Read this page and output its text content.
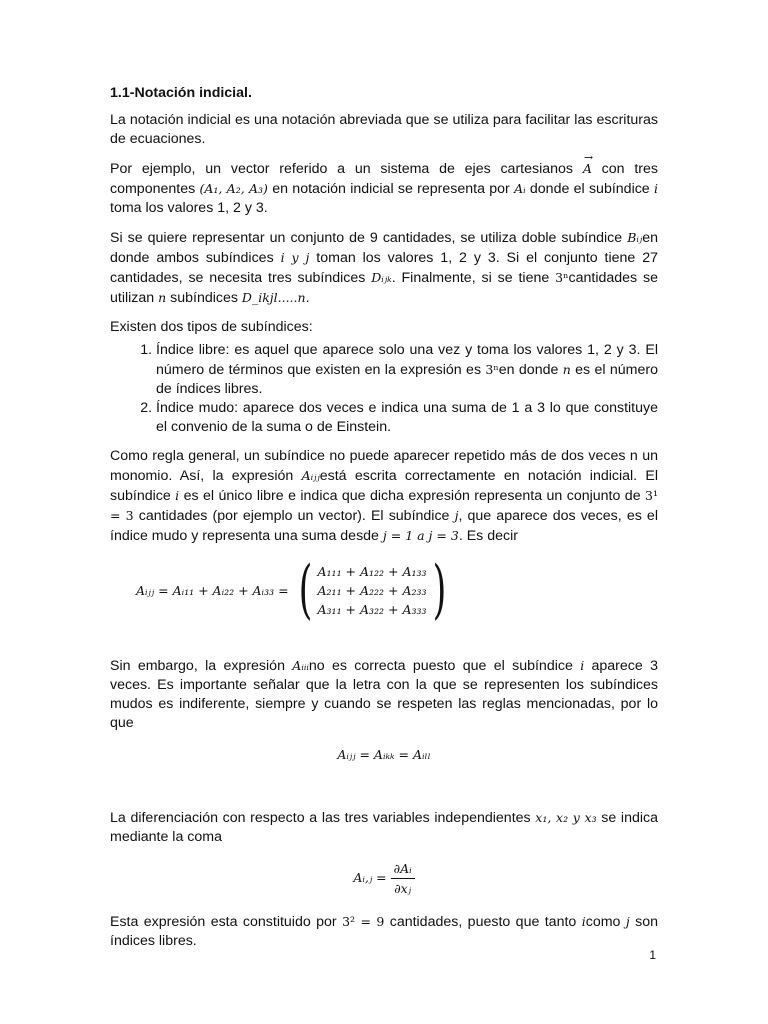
1.1-Notación indicial.

La notación indicial es una notación abreviada que se utiliza para facilitar las escrituras de ecuaciones.

Por ejemplo, un vector referido a un sistema de ejes cartesianos
→
A con tres componentes (A₁, A₂, A₃) en notación indicial se representa por Aᵢ donde el subíndice i toma los valores 1, 2 y 3.

Si se quiere representar un conjunto de 9 cantidades, se utiliza doble subíndice Bᵢⱼen donde ambos subíndices i y j toman los valores 1, 2 y 3. Si el conjunto tiene 27 cantidades, se necesita tres subíndices Dᵢⱼₖ. Finalmente, si se tiene 3ⁿcantidades se utilizan n subíndices D_ikjl.....n.

Existen dos tipos de subíndices:

1. Índice libre: es aquel que aparece solo una vez y toma los valores 1, 2 y 3. El número de términos que existen en la expresión es 3ⁿen donde n es el número de índices libres.
2. Índice mudo: aparece dos veces e indica una suma de 1 a 3 lo que constituye el convenio de la suma o de Einstein.

Como regla general, un subíndice no puede aparecer repetido más de dos veces n un monomio. Así, la expresión Aᵢⱼⱼestá escrita correctamente en notación indicial. El subíndice i es el único libre e indica que dicha expresión representa un conjunto de 3¹ = 3 cantidades (por ejemplo un vector). El subíndice j, que aparece dos veces, es el índice mudo y representa una suma desde j = 1 a j = 3. Es decir

Aᵢⱼⱼ = Aᵢ₁₁ + Aᵢ₂₂ + Aᵢ₃₃ = ( A₁₁₁ + A₁₂₂ + A₁₃₃
A₂₁₁ + A₂₂₂ + A₂₃₃
A₃₁₁ + A₃₂₂ + A₃₃₃ )

Sin embargo, la expresión Aᵢᵢᵢno es correcta puesto que el subíndice i aparece 3 veces. Es importante señalar que la letra con la que se representen los subíndices mudos es indiferente, siempre y cuando se respeten las reglas mencionadas, por lo que

Aᵢⱼⱼ = Aᵢₖₖ = Aᵢₗₗ

La diferenciación con respecto a las tres variables independientes x₁, x₂ y x₃ se indica mediante la coma

Aᵢ,ⱼ = $\frac{\text{∂Aᵢ}}{\text{∂xⱼ}}$

Esta expresión esta constituido por 3² = 9 cantidades, puesto que tanto icomo j son índices libres.

1
